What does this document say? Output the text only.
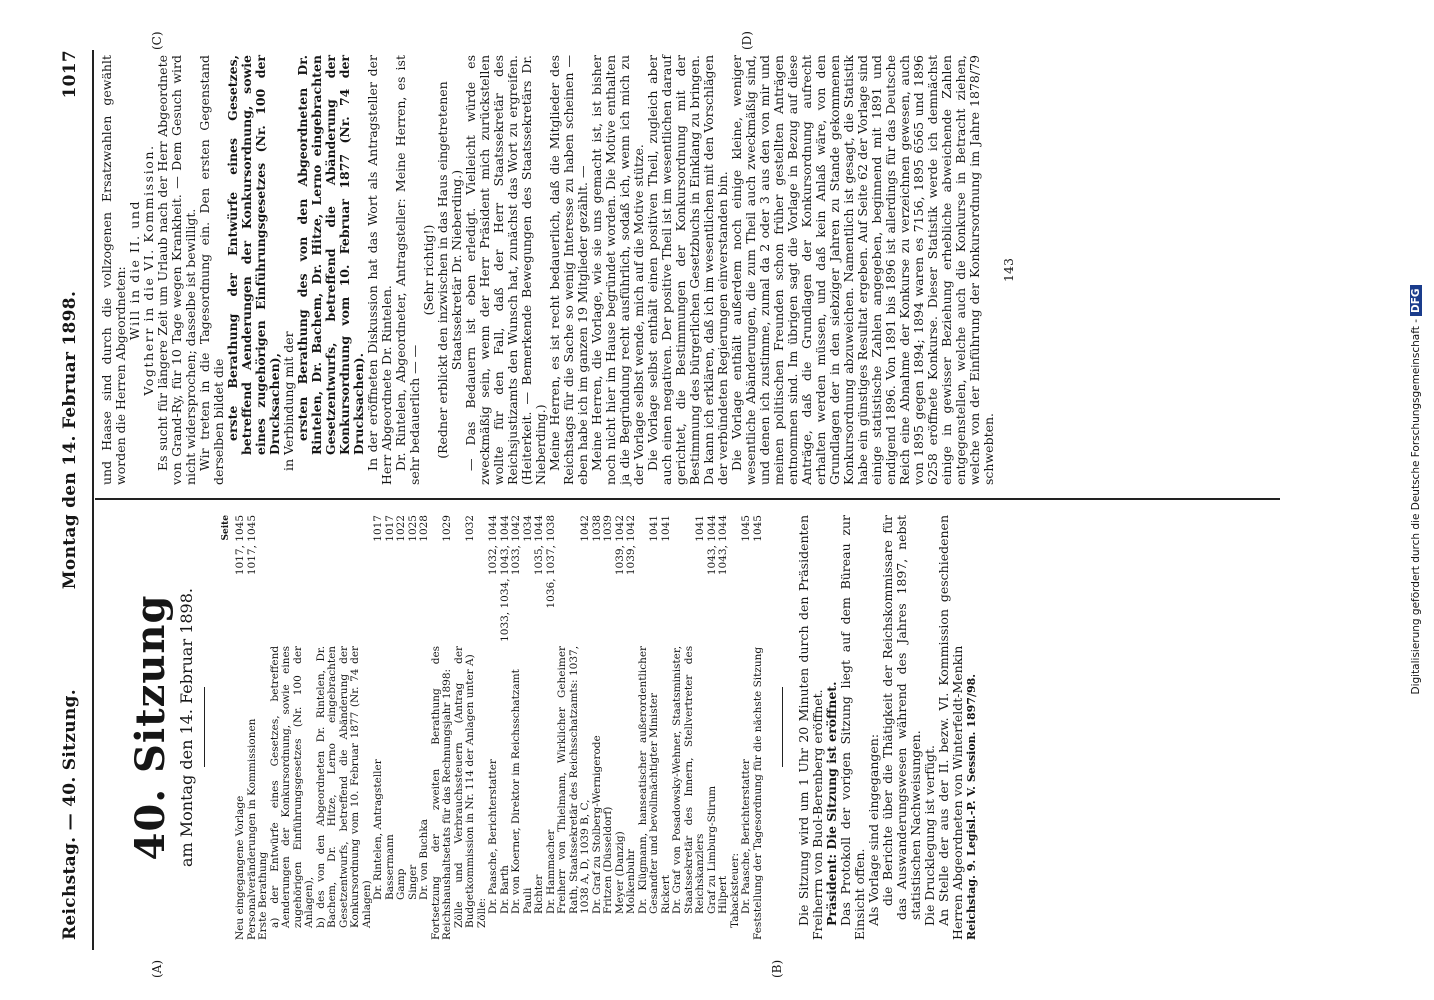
Reichstag. — 40. Sitzung.
Montag den 14. Februar 1898.
1017
(A)	(B)
(C)	(D)
40. Sitzung am Montag den 14. Februar 1898.
Seite
Neu eingegangene Vorlage	1017, 1045
Personalveränderungen in Kommissionen	1017, 1045
Erste Berathung	
a) der Entwürfe eines Gesetzes, betreffend Aenderungen der Konkursordnung, sowie eines zugehörigen Einführungsgesetzes (Nr. 100 der Anlagen),	
b) des von den Abgeordneten Dr. Rintelen, Dr. Bachem, Dr. Hitze, Lerno eingebrachten Gesetzentwurfs, betreffend die Abänderung der Konkursordnung vom 10. Februar 1877 (Nr. 74 der Anlagen)	
Dr. Rintelen, Antragsteller	1017
Bassermann	1017
Gamp	1022
Singer	1025
Dr. von Buchka	1028
Fortsetzung der zweiten Berathung des Reichshaushaltsetats für das Rechnungsjahr 1898:	1029
Zölle und Verbrauchssteuern (Antrag der Budgetkommission in Nr. 114 der Anlagen unter A)	1032
Zölle:	
Dr. Paasche, Berichterstatter	1032, 1044
Dr. Barth	1033, 1034, 1043, 1044
Dr. von Koerner, Direktor im Reichsschatzamt	1033, 1042
Pauli	1034
Richter	1035, 1044
Dr. Hammacher	1036, 1037, 1038
Freiherr von Thielmann, Wirklicher Geheimer Rath, Staatssekretär des Reichsschatzamts: 1037, 1038 A, D, 1039 B, C,	1042
Dr. Graf zu Stolberg-Wernigerode	1038
Fritzen (Düsseldorf)	1039
Meyer (Danzig)	1039, 1042
Molkenbuhr	1039, 1042
Dr. Klügmann, hanseatischer außerordentlicher Gesandter und bevollmächtigter Minister	1041
Rickert	1041
Dr. Graf von Posadowsky-Wehner, Staatsminister, Staatssekretär des Innern, Stellvertreter des Reichskanzlers	1041
Graf zu Limburg-Stirum	1043, 1044
Hilpert	1043, 1044
Tabacksteuer:	
Dr. Paasche, Berichterstatter	1045
Feststellung der Tagesordnung für die nächste Sitzung	1045	Die Sitzung wird um 1 Uhr 20 Minuten durch den Präsidenten Freiherrn von Buol-Berenberg eröffnet. Präsident: Die Sitzung ist eröffnet. Das Protokoll der vorigen Sitzung liegt auf dem Büreau zur Einsicht offen. Als Vorlage sind eingegangen: die Berichte über die Thätigkeit der Reichskommissare für das Auswanderungswesen während des Jahres 1897, nebst statistischen Nachweisungen. Die Drucklegung ist verfügt. An Stelle der aus der II. bezw. VI. Kommission geschiedenen Herren Abgeordneten von Winterfeldt-Menkin Reichstag. 9. Legisl.-P. V. Session. 1897/98.

und Haase sind durch die vollzogenen Ersatzwahlen gewählt worden die Herren Abgeordneten: Will in die II. und Vogtherr in die VI. Kommission. Es sucht für längere Zeit um Urlaub nach der Herr Abgeordnete von Grand-Ry, für 10 Tage wegen Krankheit. — Dem Gesuch wird nicht widersprochen; dasselbe ist bewilligt. Wir treten in die Tagesordnung ein. Den ersten Gegenstand derselben bildet die erste Berathung der Entwürfe eines Gesetzes, betreffend Aenderungen der Konkursordnung, sowie eines zugehörigen Einführungsgesetzes (Nr. 100 der Drucksachen), in Verbindung mit der ersten Berathung des von den Abgeordneten Dr. Rintelen, Dr. Bachem, Dr. Hitze, Lerno eingebrachten Gesetzentwurfs, betreffend die Abänderung der Konkursordnung vom 10. Februar 1877 (Nr. 74 der Drucksachen). In der eröffneten Diskussion hat das Wort als Antragsteller der Herr Abgeordnete Dr. Rintelen. Dr. Rintelen, Abgeordneter, Antragsteller: Meine Herren, es ist sehr bedauerlich — —

(Sehr richtig!) (Redner erblickt den inzwischen in das Haus eingetretenen Staatssekretär Dr. Nieberding.) — Das Bedauern ist eben erledigt. Vielleicht würde es zweckmäßig sein, wenn der Herr Präsident mich zurückstellen wollte für den Fall, daß der Herr Staatssekretär des Reichsjustizamts den Wunsch hat, zunächst das Wort zu ergreifen. (Heiterkeit. — Bemerkende Bewegungen des Staatssekretärs Dr. Nieberding.) Meine Herren, es ist recht bedauerlich, daß die Mitglieder des Reichstags für die Sache so wenig Interesse zu haben scheinen — eben habe ich im ganzen 19 Mitglieder gezählt. — Meine Herren, die Vorlage, wie sie uns gemacht ist, ist bisher noch nicht hier im Hause begründet worden. Die Motive enthalten ja die Begründung recht ausführlich, sodaß ich, wenn ich mich zu der Vorlage selbst wende, mich auf die Motive stütze. Die Vorlage selbst enthält einen positiven Theil, zugleich aber auch einen negativen. Der positive Theil ist im wesentlichen darauf gerichtet, die Bestimmungen der Konkursordnung mit der Bestimmung des bürgerlichen Gesetzbuchs in Einklang zu bringen. Da kann ich erklären, daß ich im wesentlichen mit den Vorschlägen der verbündeten Regierungen einverstanden bin. Die Vorlage enthält außerdem noch einige kleine, weniger wesentliche Abänderungen, die zum Theil auch zweckmäßig sind, und denen ich zustimme, zumal da 2 oder 3 aus den von mir und meinen politischen Freunden schon früher gestellten Anträgen entnommen sind. Im übrigen sagt die Vorlage in Bezug auf diese Anträge, daß die Grundlagen der Konkursordnung aufrecht erhalten werden müssen, und daß kein Anlaß wäre, von den Grundlagen der in den siebziger Jahren zu Stande gekommenen Konkursordnung abzuweichen. Namentlich ist gesagt, die Statistik habe ein günstiges Resultat ergeben. Auf Seite 62 der Vorlage sind einige statistische Zahlen angegeben, beginnend mit 1891 und endigend 1896. Von 1891 bis 1896 ist allerdings für das Deutsche Reich eine Abnahme der Konkurse zu verzeichnen gewesen, auch von 1895 gegen 1894; 1894 waren es 7156, 1895 6565 und 1896 6258 eröffnete Konkurse. Dieser Statistik werde ich demnächst einige in gewisser Beziehung erhebliche abweichende Zahlen entgegenstellen, welche auch die Konkurse in Betracht ziehen, welche von der Einführung der Konkursordnung im Jahre 1878/79 schwebten.

143

Digitalisierung gefördert durch die Deutsche Forschungsgemeinschaft -DFG
